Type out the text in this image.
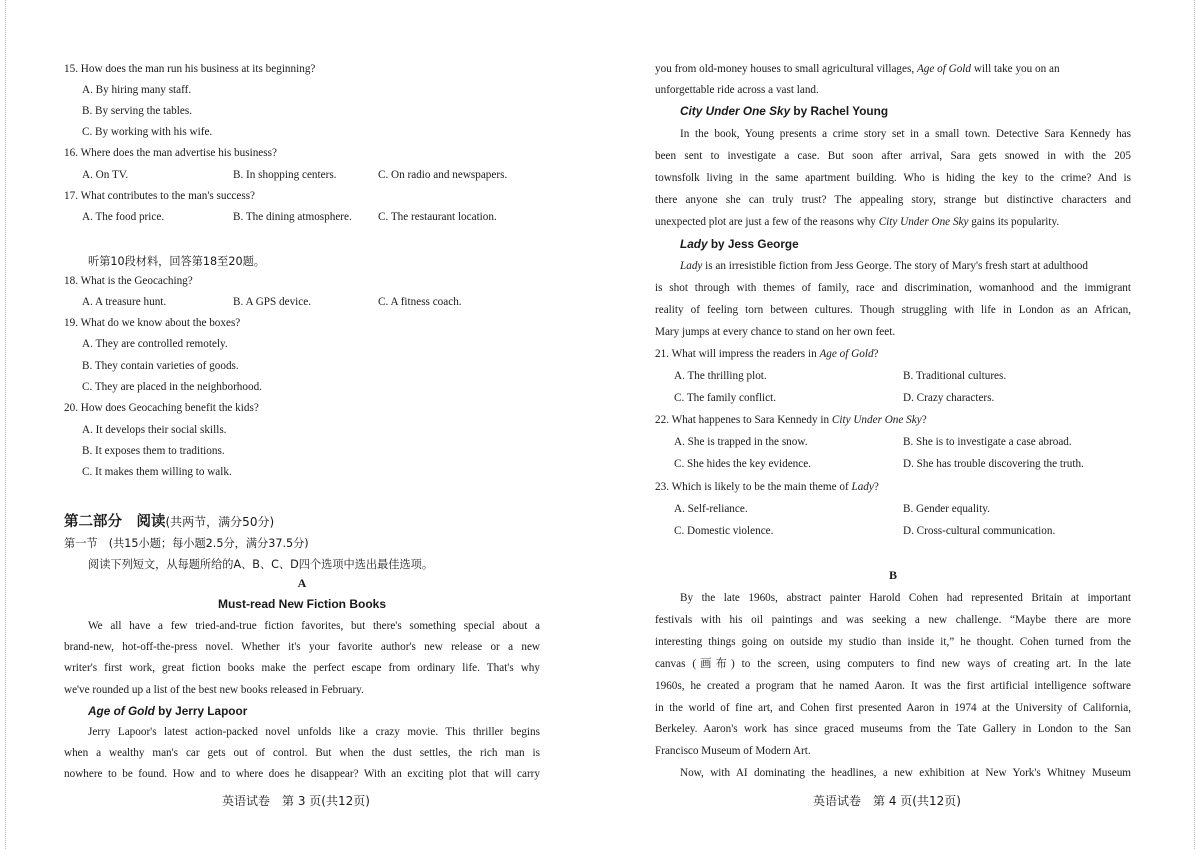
15. How does the man run his business at its beginning?
A. By hiring many staff.
B. By serving the tables.
C. By working with his wife.
16. Where does the man advertise his business?
A. On TV.	B. In shopping centers.	C. On radio and newspapers.
17. What contributes to the man's success?
A. The food price.	B. The dining atmosphere. C. The restaurant location.
听第10段材料，回答第18至20题。
18. What is the Geocaching?
A. A treasure hunt.	B. A GPS device.	C. A fitness coach.
19. What do we know about the boxes?
A. They are controlled remotely.
B. They contain varieties of goods.
C. They are placed in the neighborhood.
20. How does Geocaching benefit the kids?
A. It develops their social skills.
B. It exposes them to traditions.
C. It makes them willing to walk.
第二部分　阅读(共两节，满分50分)
第一节　(共15小题；每小题2.5分，满分37.5分)
阅读下列短文，从每题所给的A、B、C、D四个选项中选出最佳选项。
A
Must-read New Fiction Books
We all have a few tried-and-true fiction favorites, but there's something special about a
brand-new, hot-off-the-press novel. Whether it's your favorite author's new release or a new
writer's first work, great fiction books make the perfect escape from ordinary life. That's why
we've rounded up a list of the best new books released in February.
Age of Gold by Jerry Lapoor
Jerry Lapoor's latest action-packed novel unfolds like a crazy movie. This thriller begins
when a wealthy man's car gets out of control. But when the dust settles, the rich man is
nowhere to be found. How and to where does he disappear? With an exciting plot that will carry
英语试卷　第 3 页(共12页)
you from old-money houses to small agricultural villages, Age of Gold will take you on an
unforgettable ride across a vast land.
City Under One Sky by Rachel Young
In the book, Young presents a crime story set in a small town. Detective Sara Kennedy has
been sent to investigate a case. But soon after arrival, Sara gets snowed in with the 205
townsfolk living in the same apartment building. Who is hiding the key to the crime? And is
there anyone she can truly trust? The appealing story, strange but distinctive characters and
unexpected plot are just a few of the reasons why City Under One Sky gains its popularity.
Lady by Jess George
Lady is an irresistible fiction from Jess George. The story of Mary's fresh start at adulthood
is shot through with themes of family, race and discrimination, womanhood and the immigrant
reality of feeling torn between cultures. Though struggling with life in London as an African,
Mary jumps at every chance to stand on her own feet.
21. What will impress the readers in Age of Gold?
A. The thrilling plot.	B. Traditional cultures.
C. The family conflict.	D. Crazy characters.
22. What happenes to Sara Kennedy in City Under One Sky?
A. She is trapped in the snow.	B. She is to investigate a case abroad.
C. She hides the key evidence.	D. She has trouble discovering the truth.
23. Which is likely to be the main theme of Lady?
A. Self-reliance.	B. Gender equality.
C. Domestic violence.	D. Cross-cultural communication.
B
By the late 1960s, abstract painter Harold Cohen had represented Britain at important
festivals with his oil paintings and was seeking a new challenge. “Maybe there are more
interesting things going on outside my studio than inside it,” he thought. Cohen turned from the
canvas (画布) to the screen, using computers to find new ways of creating art. In the late
1960s, he created a program that he named Aaron. It was the first artificial intelligence software
in the world of fine art, and Cohen first presented Aaron in 1974 at the University of California,
Berkeley. Aaron's work has since graced museums from the Tate Gallery in London to the San
Francisco Museum of Modern Art.
Now, with AI dominating the headlines, a new exhibition at New York's Whitney Museum
英语试卷　第 4 页(共12页)
